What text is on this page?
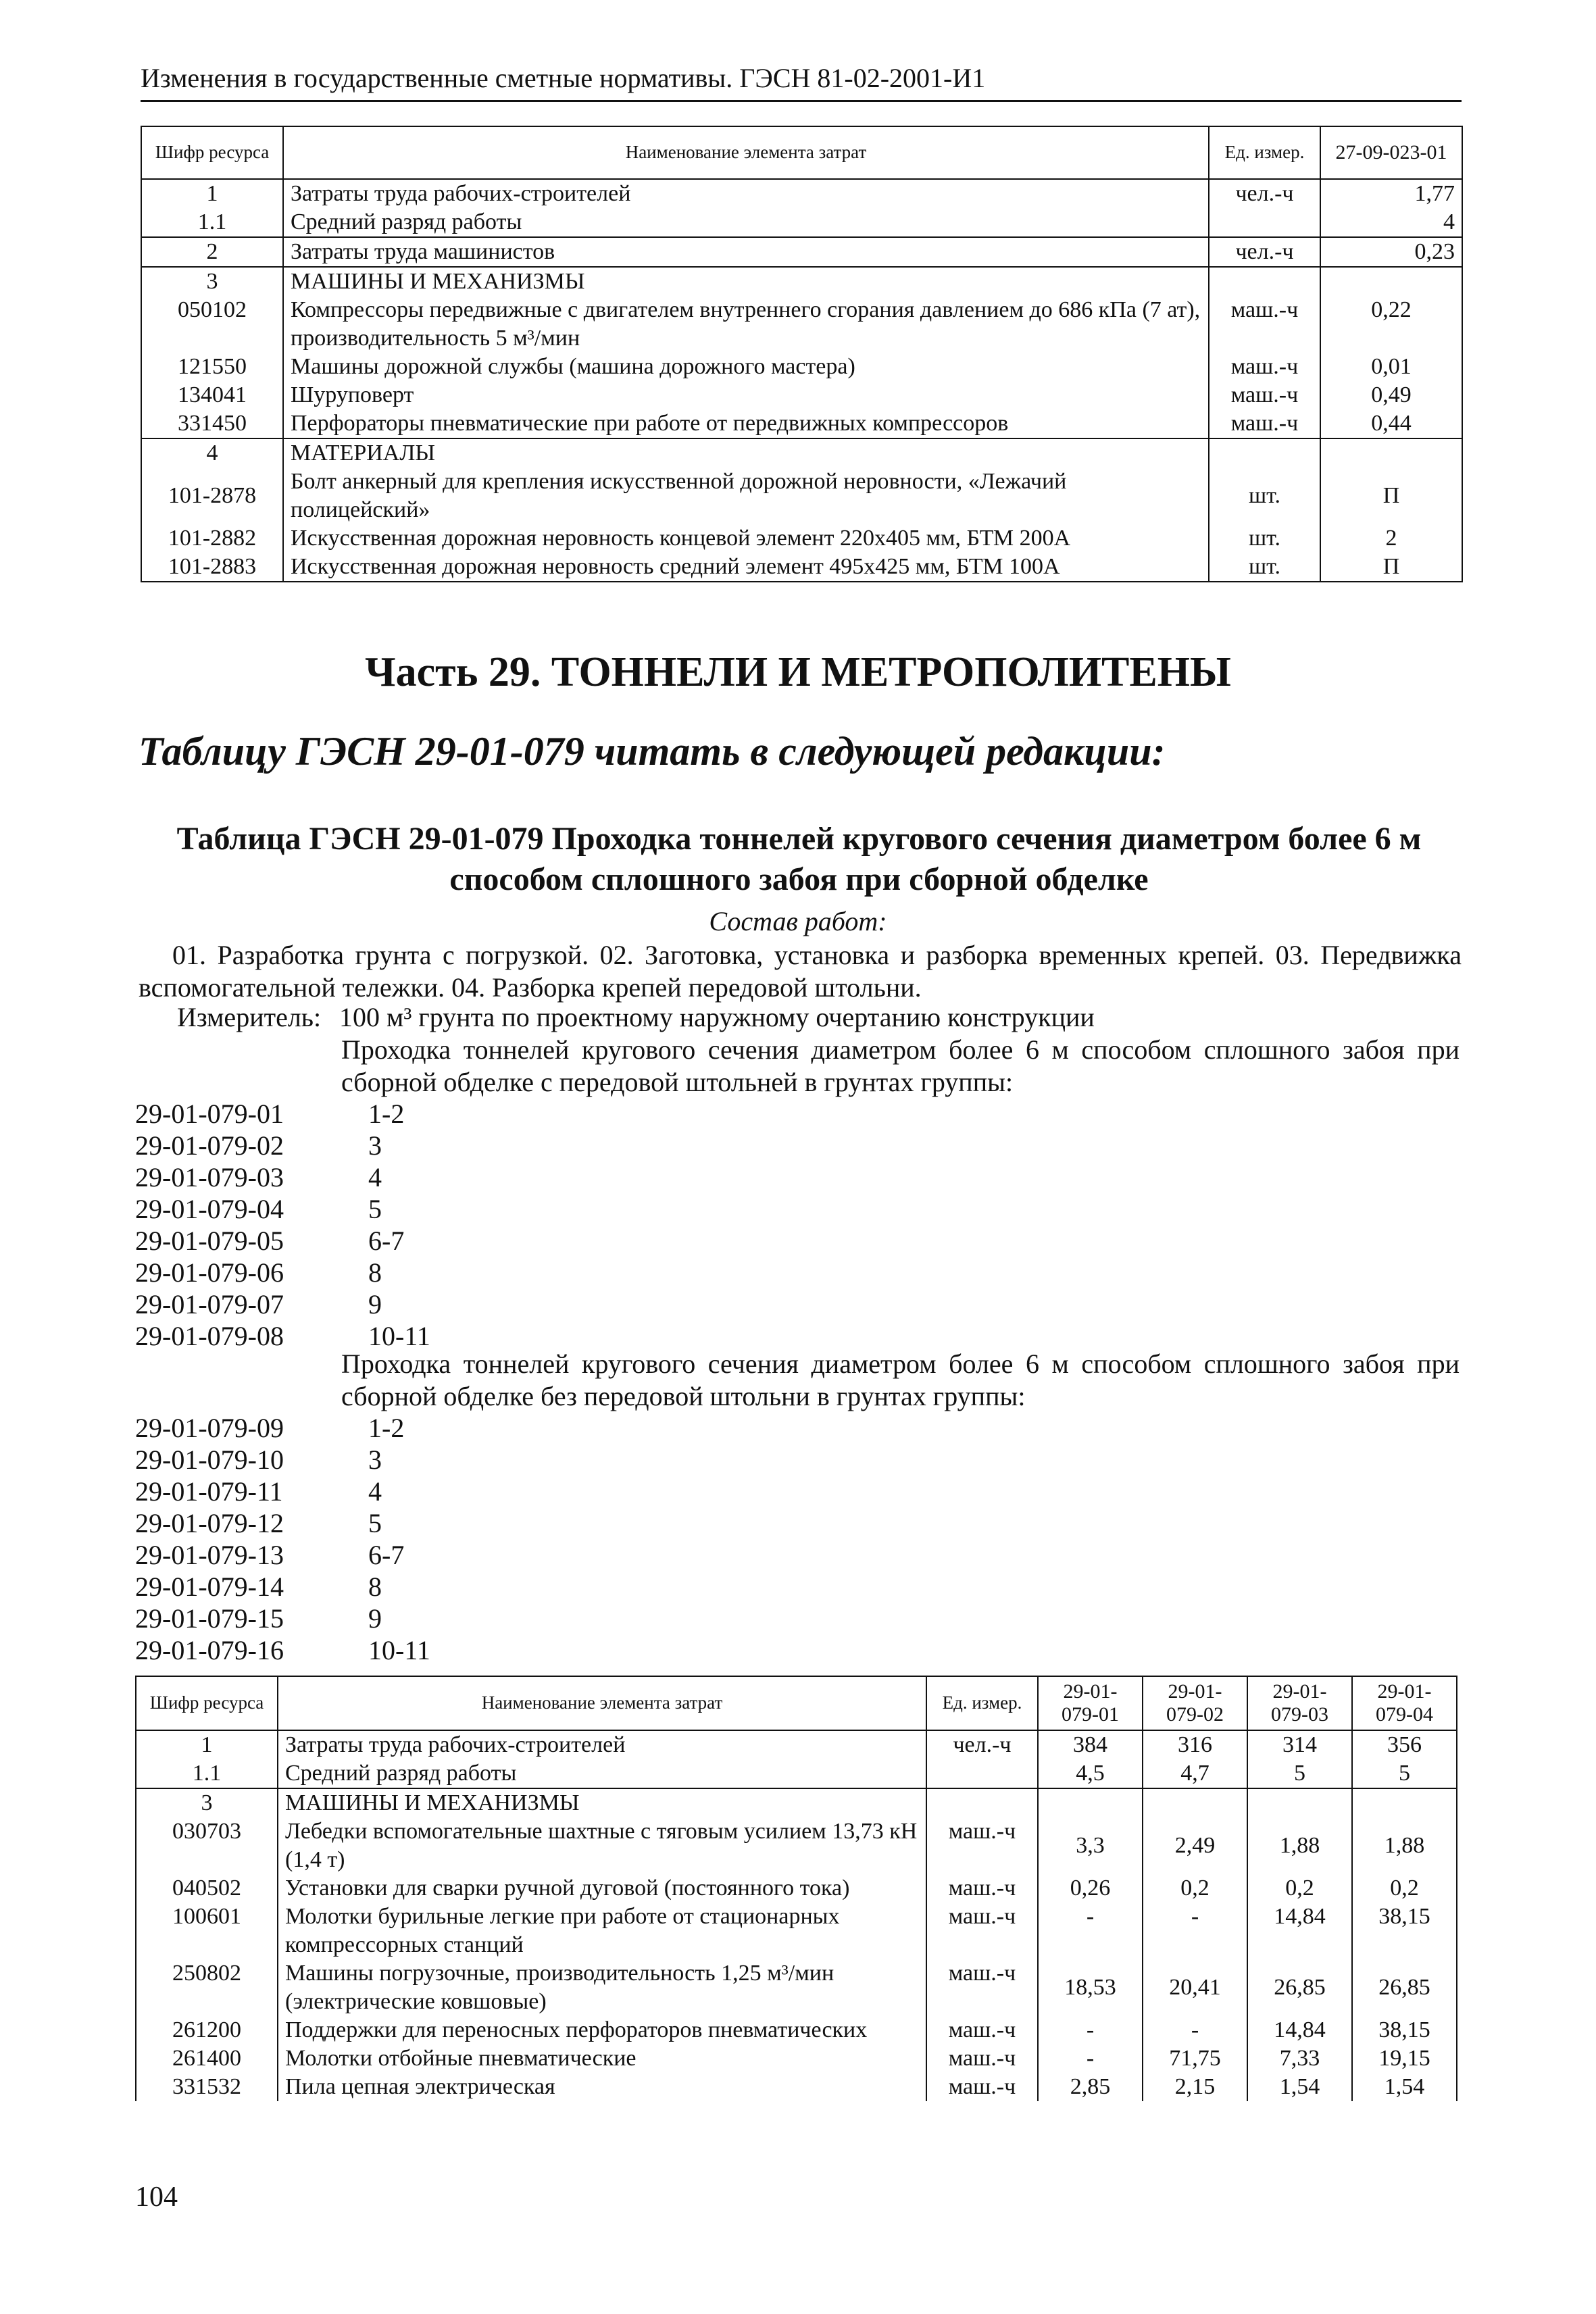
Изменения в государственные сметные нормативы. ГЭСН 81-02-2001-И1
Шифр ресурса	Наименование элемента затрат	Ед. измер.	27-09-023-01
1	Затраты труда рабочих-строителей	чел.-ч	1,77
1.1	Средний разряд работы		4
2	Затраты труда машинистов	чел.-ч	0,23
3	МАШИНЫ И МЕХАНИЗМЫ		
050102	Компрессоры передвижные с двигателем внутреннего сгорания давлением до 686 кПа (7 ат), производительность 5 м³/мин	маш.-ч	0,22
121550	Машины дорожной службы (машина дорожного мастера)	маш.-ч	0,01
134041	Шуруповерт	маш.-ч	0,49
331450	Перфораторы пневматические при работе от передвижных компрессоров	маш.-ч	0,44
4	МАТЕРИАЛЫ		
101-2878	Болт анкерный для крепления искусственной дорожной неровности, «Лежачий полицейский»	шт.	П
101-2882	Искусственная дорожная неровность концевой элемент 220х405 мм, БТМ 200А	шт.	2
101-2883	Искусственная дорожная неровность средний элемент 495х425 мм, БТМ 100А	шт.	П
Часть 29. ТОННЕЛИ И МЕТРОПОЛИТЕНЫ
Таблицу ГЭСН 29-01-079 читать в следующей редакции:
Таблица ГЭСН 29-01-079 Проходка тоннелей кругового сечения диаметром более 6 м способом сплошного забоя при сборной обделке
Состав работ:
01. Разработка грунта с погрузкой. 02. Заготовка, установка и разборка временных крепей. 03. Передвижка вспомогательной тележки. 04. Разборка крепей передовой штольни.
Измеритель: 100 м³ грунта по проектному наружному очертанию конструкции
Проходка тоннелей кругового сечения диаметром более 6 м способом сплошного забоя при сборной обделке с передовой штольней в грунтах группы:
29-01-079-01	1-2
29-01-079-02	3
29-01-079-03	4
29-01-079-04	5
29-01-079-05	6-7
29-01-079-06	8
29-01-079-07	9
29-01-079-08	10-11
Проходка тоннелей кругового сечения диаметром более 6 м способом сплошного забоя при сборной обделке без передовой штольни в грунтах группы:
29-01-079-09	1-2
29-01-079-10	3
29-01-079-11	4
29-01-079-12	5
29-01-079-13	6-7
29-01-079-14	8
29-01-079-15	9
29-01-079-16	10-11
Шифр ресурса	Наименование элемента затрат	Ед. измер.	29-01-079-01	29-01-079-02	29-01-079-03	29-01-079-04
1	Затраты труда рабочих-строителей	чел.-ч	384	316	314	356
1.1	Средний разряд работы		4,5	4,7	5	5
3	МАШИНЫ И МЕХАНИЗМЫ					
030703	Лебедки вспомогательные шахтные с тяговым усилием 13,73 кН (1,4 т)	маш.-ч	3,3	2,49	1,88	1,88
040502	Установки для сварки ручной дуговой (постоянного тока)	маш.-ч	0,26	0,2	0,2	0,2
100601	Молотки бурильные легкие при работе от стационарных компрессорных станций	маш.-ч	-	-	14,84	38,15
250802	Машины погрузочные, производительность 1,25 м³/мин (электрические ковшовые)	маш.-ч	18,53	20,41	26,85	26,85
261200	Поддержки для переносных перфораторов пневматических	маш.-ч	-	-	14,84	38,15
261400	Молотки отбойные пневматические	маш.-ч	-	71,75	7,33	19,15
331532	Пила цепная электрическая	маш.-ч	2,85	2,15	1,54	1,54
104
